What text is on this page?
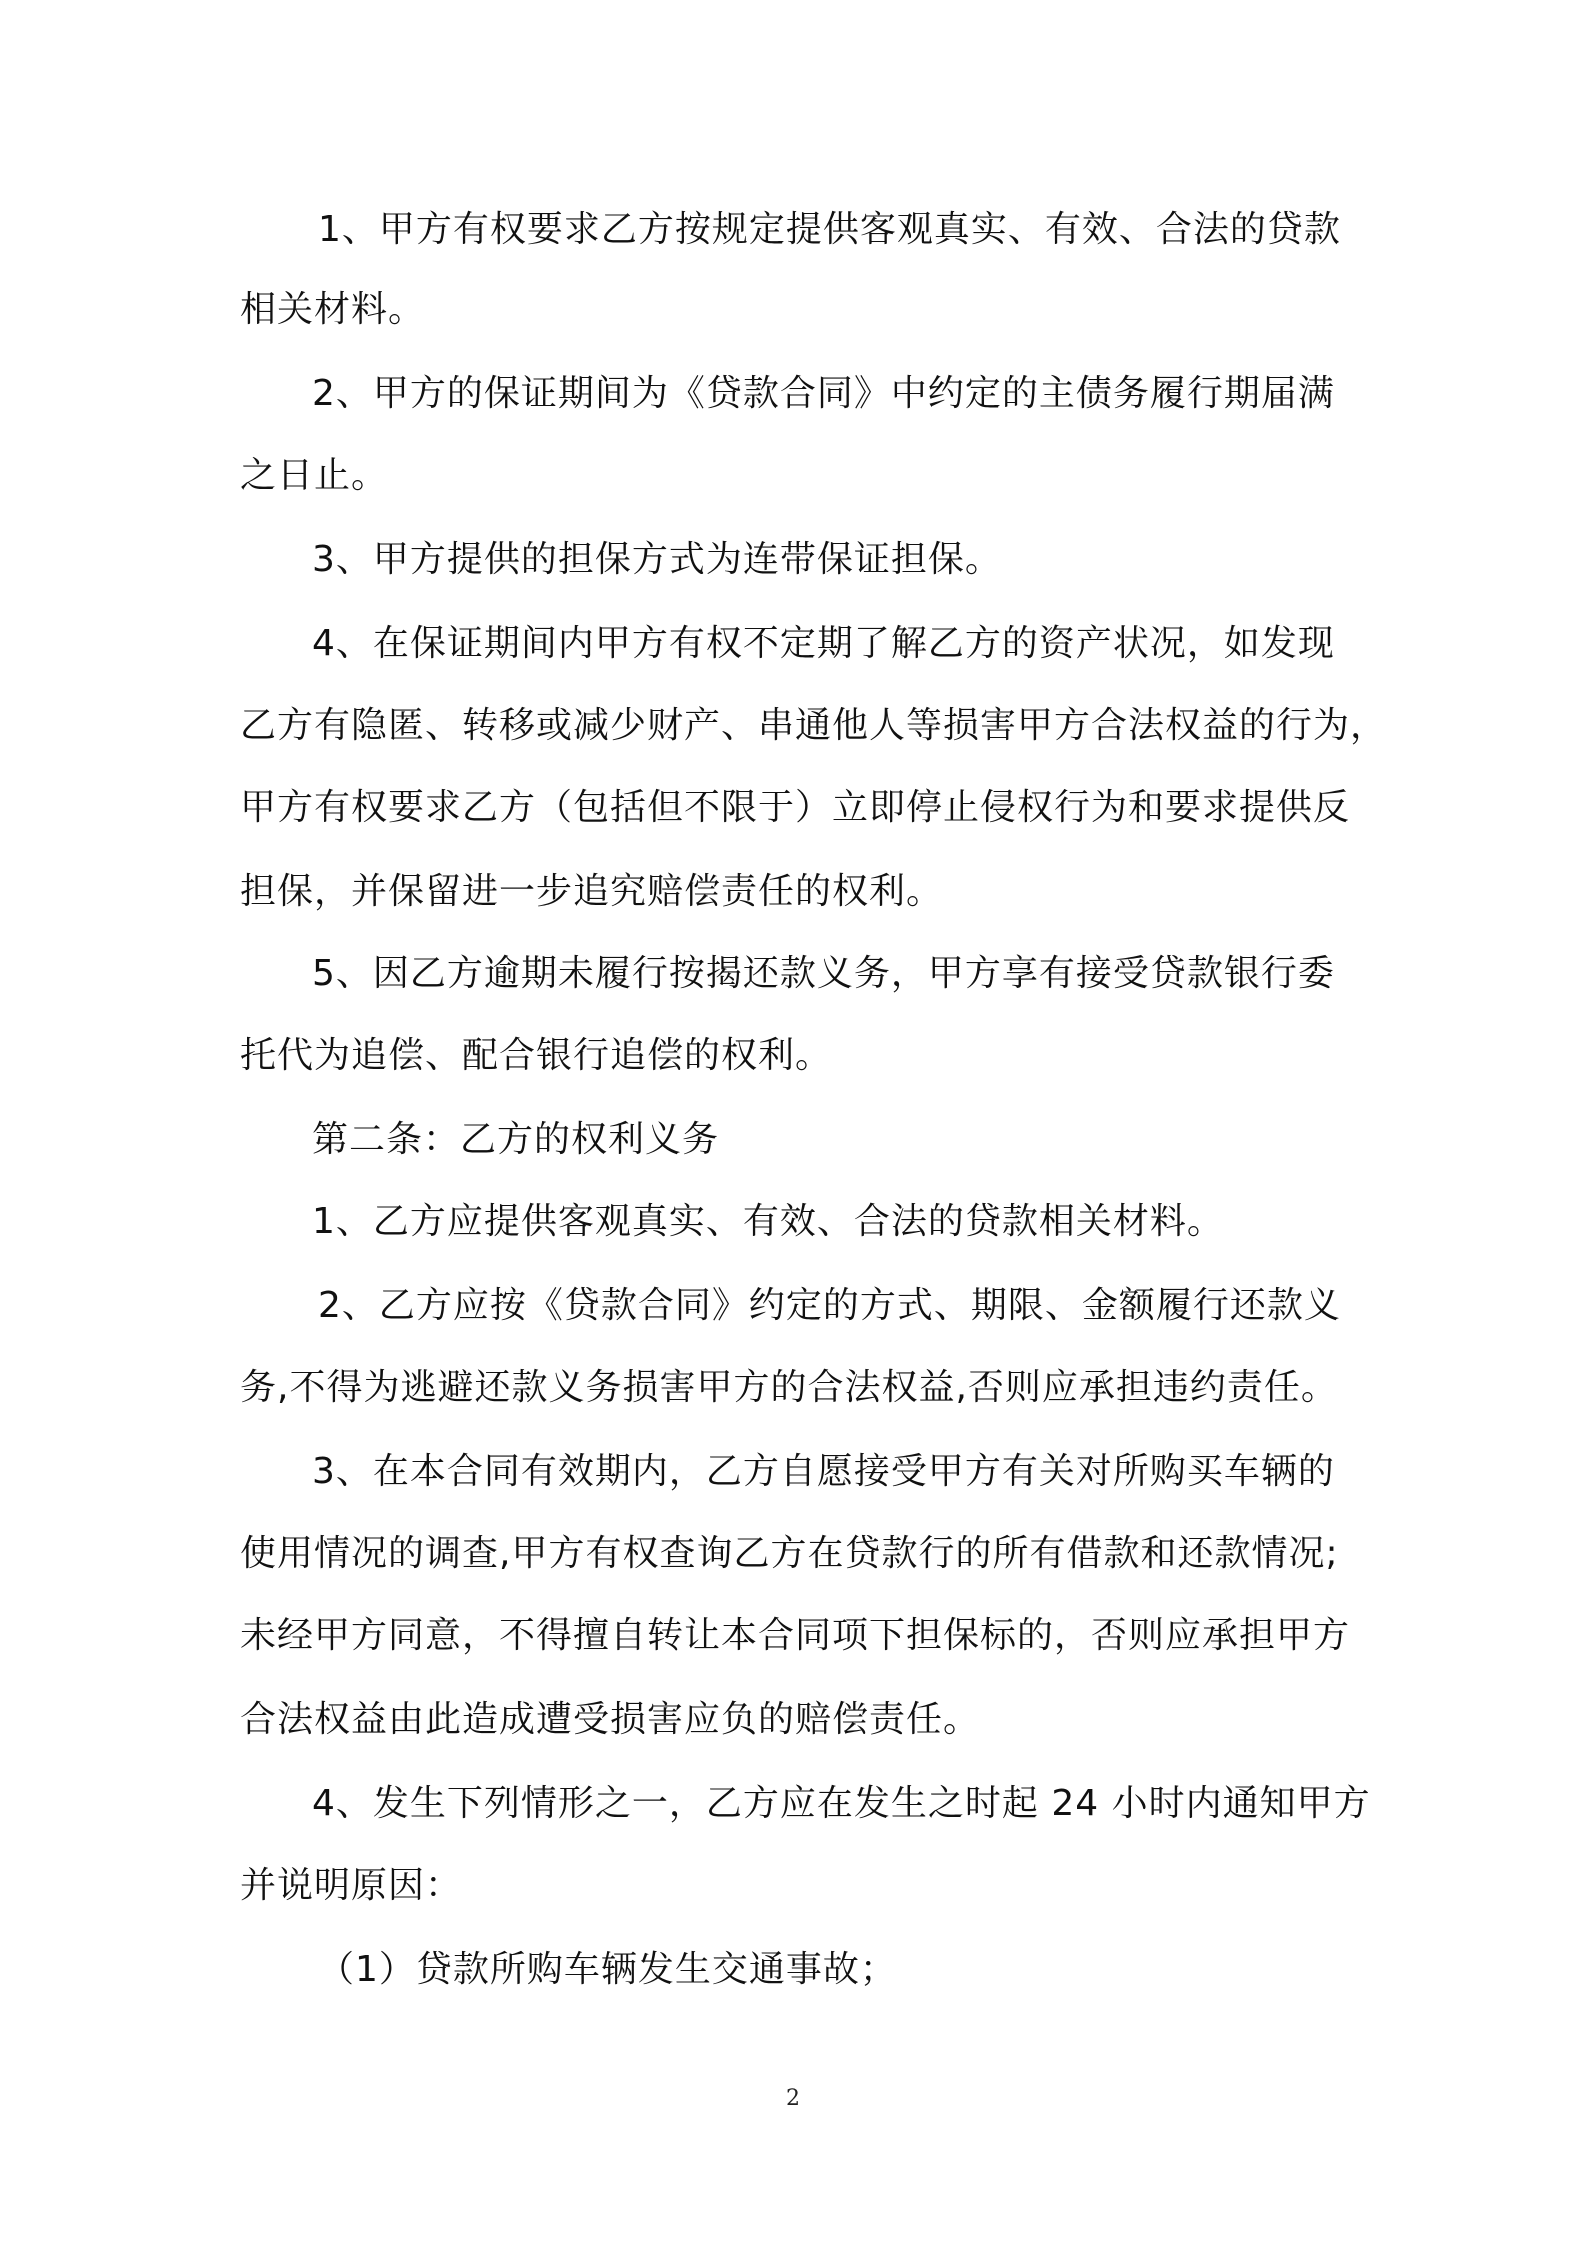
1、甲方有权要求乙方按规定提供客观真实、有效、合法的贷款
相关材料。
2、甲方的保证期间为《贷款合同》中约定的主债务履行期届满
之日止。
3、甲方提供的担保方式为连带保证担保。
4、在保证期间内甲方有权不定期了解乙方的资产状况，如发现
乙方有隐匿、转移或减少财产、串通他人等损害甲方合法权益的行为，
甲方有权要求乙方（包括但不限于）立即停止侵权行为和要求提供反
担保，并保留进一步追究赔偿责任的权利。
5、因乙方逾期未履行按揭还款义务，甲方享有接受贷款银行委
托代为追偿、配合银行追偿的权利。
第二条：乙方的权利义务
1、乙方应提供客观真实、有效、合法的贷款相关材料。
2、乙方应按《贷款合同》约定的方式、期限、金额履行还款义
务,不得为逃避还款义务损害甲方的合法权益,否则应承担违约责任。
3、在本合同有效期内，乙方自愿接受甲方有关对所购买车辆的
使用情况的调查,甲方有权查询乙方在贷款行的所有借款和还款情况;
未经甲方同意，不得擅自转让本合同项下担保标的，否则应承担甲方
合法权益由此造成遭受损害应负的赔偿责任。
4、发生下列情形之一，乙方应在发生之时起 24 小时内通知甲方
并说明原因：
（1）贷款所购车辆发生交通事故；
2
